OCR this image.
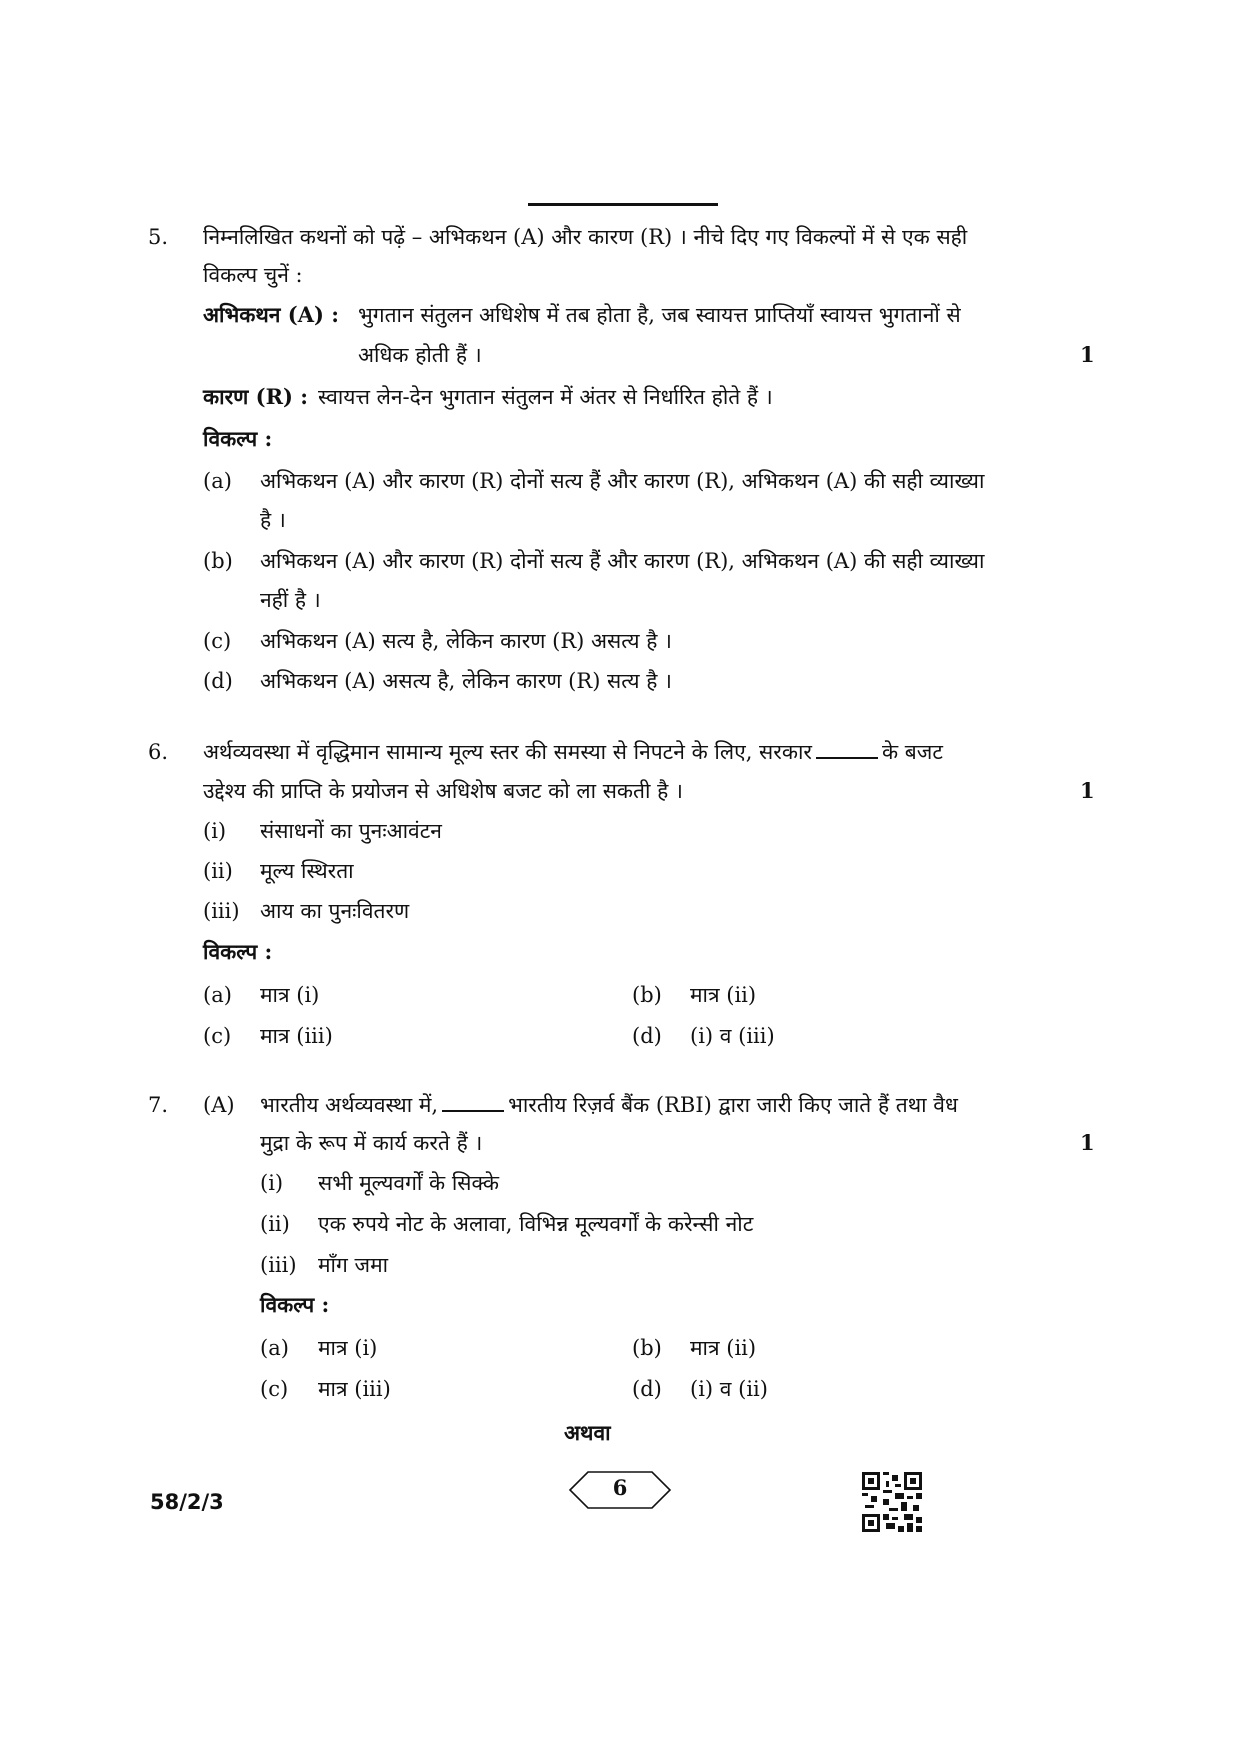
5. निम्नलिखित कथनों को पढ़ें – अभिकथन (A) और कारण (R) । नीचे दिए गए विकल्पों में से एक सही
विकल्प चुनें :
अभिकथन (A) : भुगतान संतुलन अधिशेष में तब होता है, जब स्वायत्त प्राप्तियाँ स्वायत्त भुगतानों से
अधिक होती हैं ।	1
कारण (R) : स्वायत्त लेन-देन भुगतान संतुलन में अंतर से निर्धारित होते हैं ।
विकल्प :
(a) अभिकथन (A) और कारण (R) दोनों सत्य हैं और कारण (R), अभिकथन (A) की सही व्याख्या
है ।
(b) अभिकथन (A) और कारण (R) दोनों सत्य हैं और कारण (R), अभिकथन (A) की सही व्याख्या
नहीं है ।
(c) अभिकथन (A) सत्य है, लेकिन कारण (R) असत्य है ।
(d) अभिकथन (A) असत्य है, लेकिन कारण (R) सत्य है ।
6. अर्थव्यवस्था में वृद्धिमान सामान्य मूल्य स्तर की समस्या से निपटने के लिए, सरकार	के बजट
उद्देश्य की प्राप्ति के प्रयोजन से अधिशेष बजट को ला सकती है ।	1
(i) संसाधनों का पुनःआवंटन
(ii) मूल्य स्थिरता
(iii) आय का पुनःवितरण
विकल्प :
(a) मात्र (i)	(b) मात्र (ii)
(c) मात्र (iii)	(d) (i) व (iii)
7. (A) भारतीय अर्थव्यवस्था में,	भारतीय रिज़र्व बैंक (RBI) द्वारा जारी किए जाते हैं तथा वैध
मुद्रा के रूप में कार्य करते हैं ।	1
(i) सभी मूल्यवर्गों के सिक्के
(ii) एक रुपये नोट के अलावा, विभिन्न मूल्यवर्गों के करेन्सी नोट
(iii) माँग जमा
विकल्प :
(a) मात्र (i)	(b) मात्र (ii)
(c) मात्र (iii)	(d) (i) व (ii)
अथवा
58/2/3
6
